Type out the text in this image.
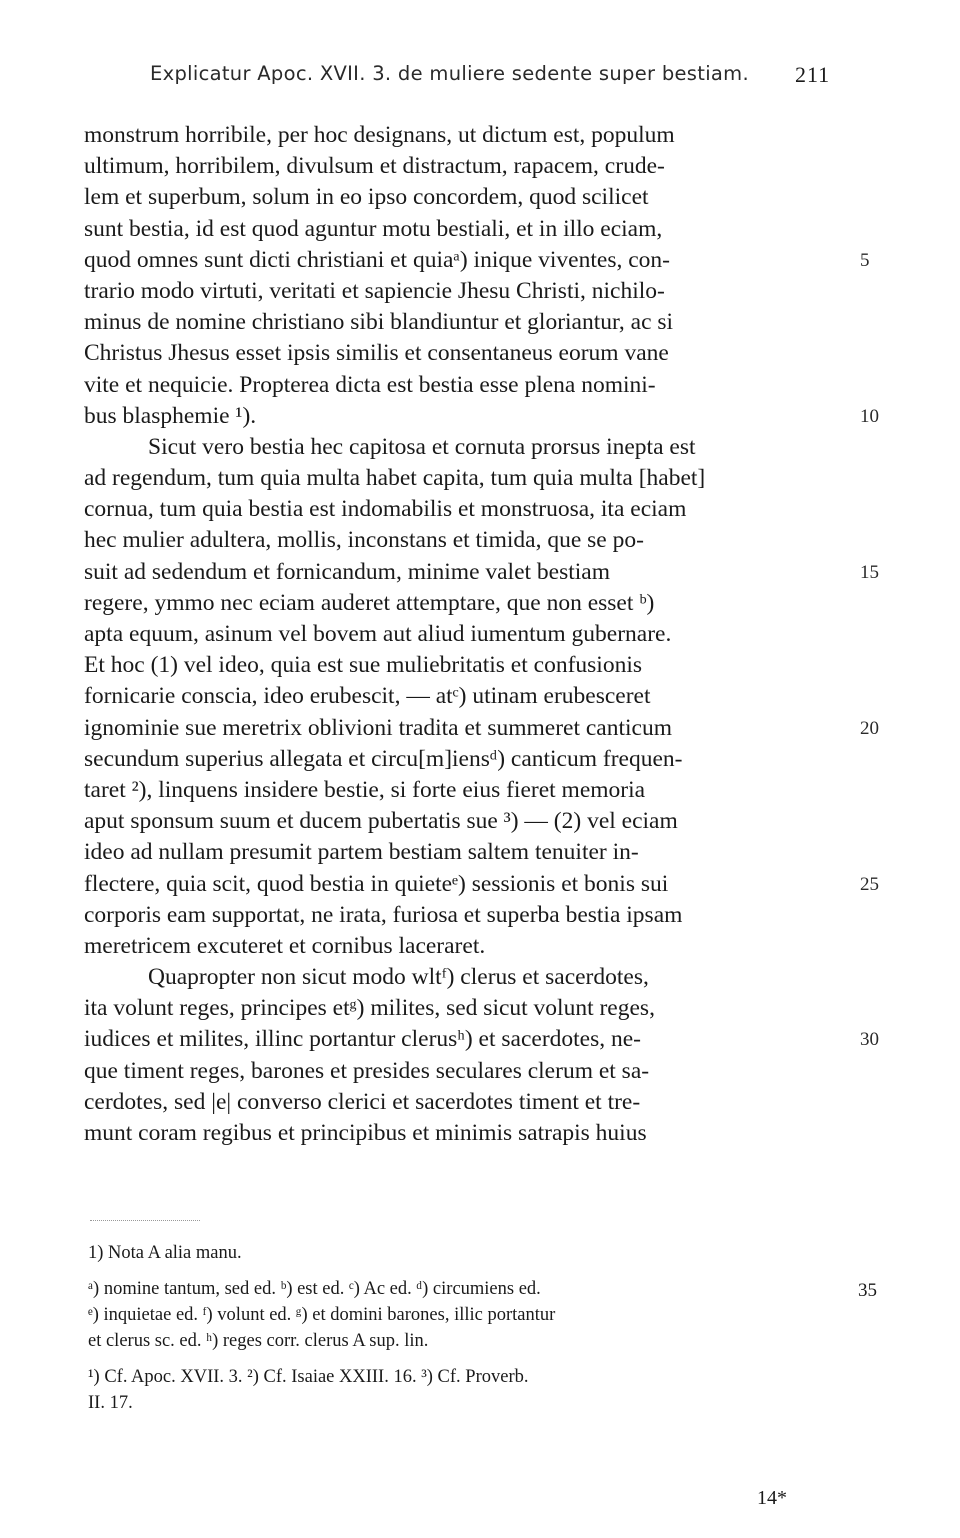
Explicatur Apoc. XVII. 3. de muliere sedente super bestiam. 211
monstrum horribile, per hoc designans, ut dictum est, populum
ultimum, horribilem, divulsum et distractum, rapacem, crude-
lem et superbum, solum in eo ipso concordem, quod scilicet
sunt bestia, id est quod aguntur motu bestiali, et in illo eciam,
quod omnes sunt dicti christiani et quiaᵃ) inique viventes, con-	5
trario modo virtuti, veritati et sapiencie Jhesu Christi, nichilo-
minus de nomine christiano sibi blandiuntur et gloriantur, ac si
Christus Jhesus esset ipsis similis et consentaneus eorum vane
vite et nequicie. Propterea dicta est bestia esse plena nomini-
bus blasphemie ¹).	10
Sicut vero bestia hec capitosa et cornuta prorsus inepta est
ad regendum, tum quia multa habet capita, tum quia multa [habet]
cornua, tum quia bestia est indomabilis et monstruosa, ita eciam
hec mulier adultera, mollis, inconstans et timida, que se po-
suit ad sedendum et fornicandum, minime valet bestiam	15
regere, ymmo nec eciam auderet attemptare, que non esset ᵇ)
apta equum, asinum vel bovem aut aliud iumentum gubernare.
Et hoc (1) vel ideo, quia est sue muliebritatis et confusionis
fornicarie conscia, ideo erubescit, — atᶜ) utinam erubesceret
ignominie sue meretrix oblivioni tradita et summeret canticum	20
secundum superius allegata et circu[m]iensᵈ) canticum frequen-
taret ²), linquens insidere bestie, si forte eius fieret memoria
aput sponsum suum et ducem pubertatis sue ³) — (2) vel eciam
ideo ad nullam presumit partem bestiam saltem tenuiter in-
flectere, quia scit, quod bestia in quieteᵉ) sessionis et bonis sui	25
corporis eam supportat, ne irata, furiosa et superba bestia ipsam
meretricem excuteret et cornibus laceraret.
Quapropter non sicut modo wltᶠ) clerus et sacerdotes,
ita volunt reges, principes etᵍ) milites, sed sicut volunt reges,
iudices et milites, illinc portantur clerusʰ) et sacerdotes, ne-	30
que timent reges, barones et presides seculares clerum et sa-
cerdotes, sed |e| converso clerici et sacerdotes timent et tre-
munt coram regibus et principibus et minimis satrapis huius
1) Nota A alia manu.
ᵃ) nomine tantum, sed ed. ᵇ) est ed. ᶜ) Ac ed. ᵈ) circumiens ed.	35
ᵉ) inquietae ed. ᶠ) volunt ed. ᵍ) et domini barones, illic portantur
et clerus sc. ed. ʰ) reges corr. clerus A sup. lin.
¹) Cf. Apoc. XVII. 3. ²) Cf. Isaiae XXIII. 16. ³) Cf. Proverb.
II. 17.
14*
